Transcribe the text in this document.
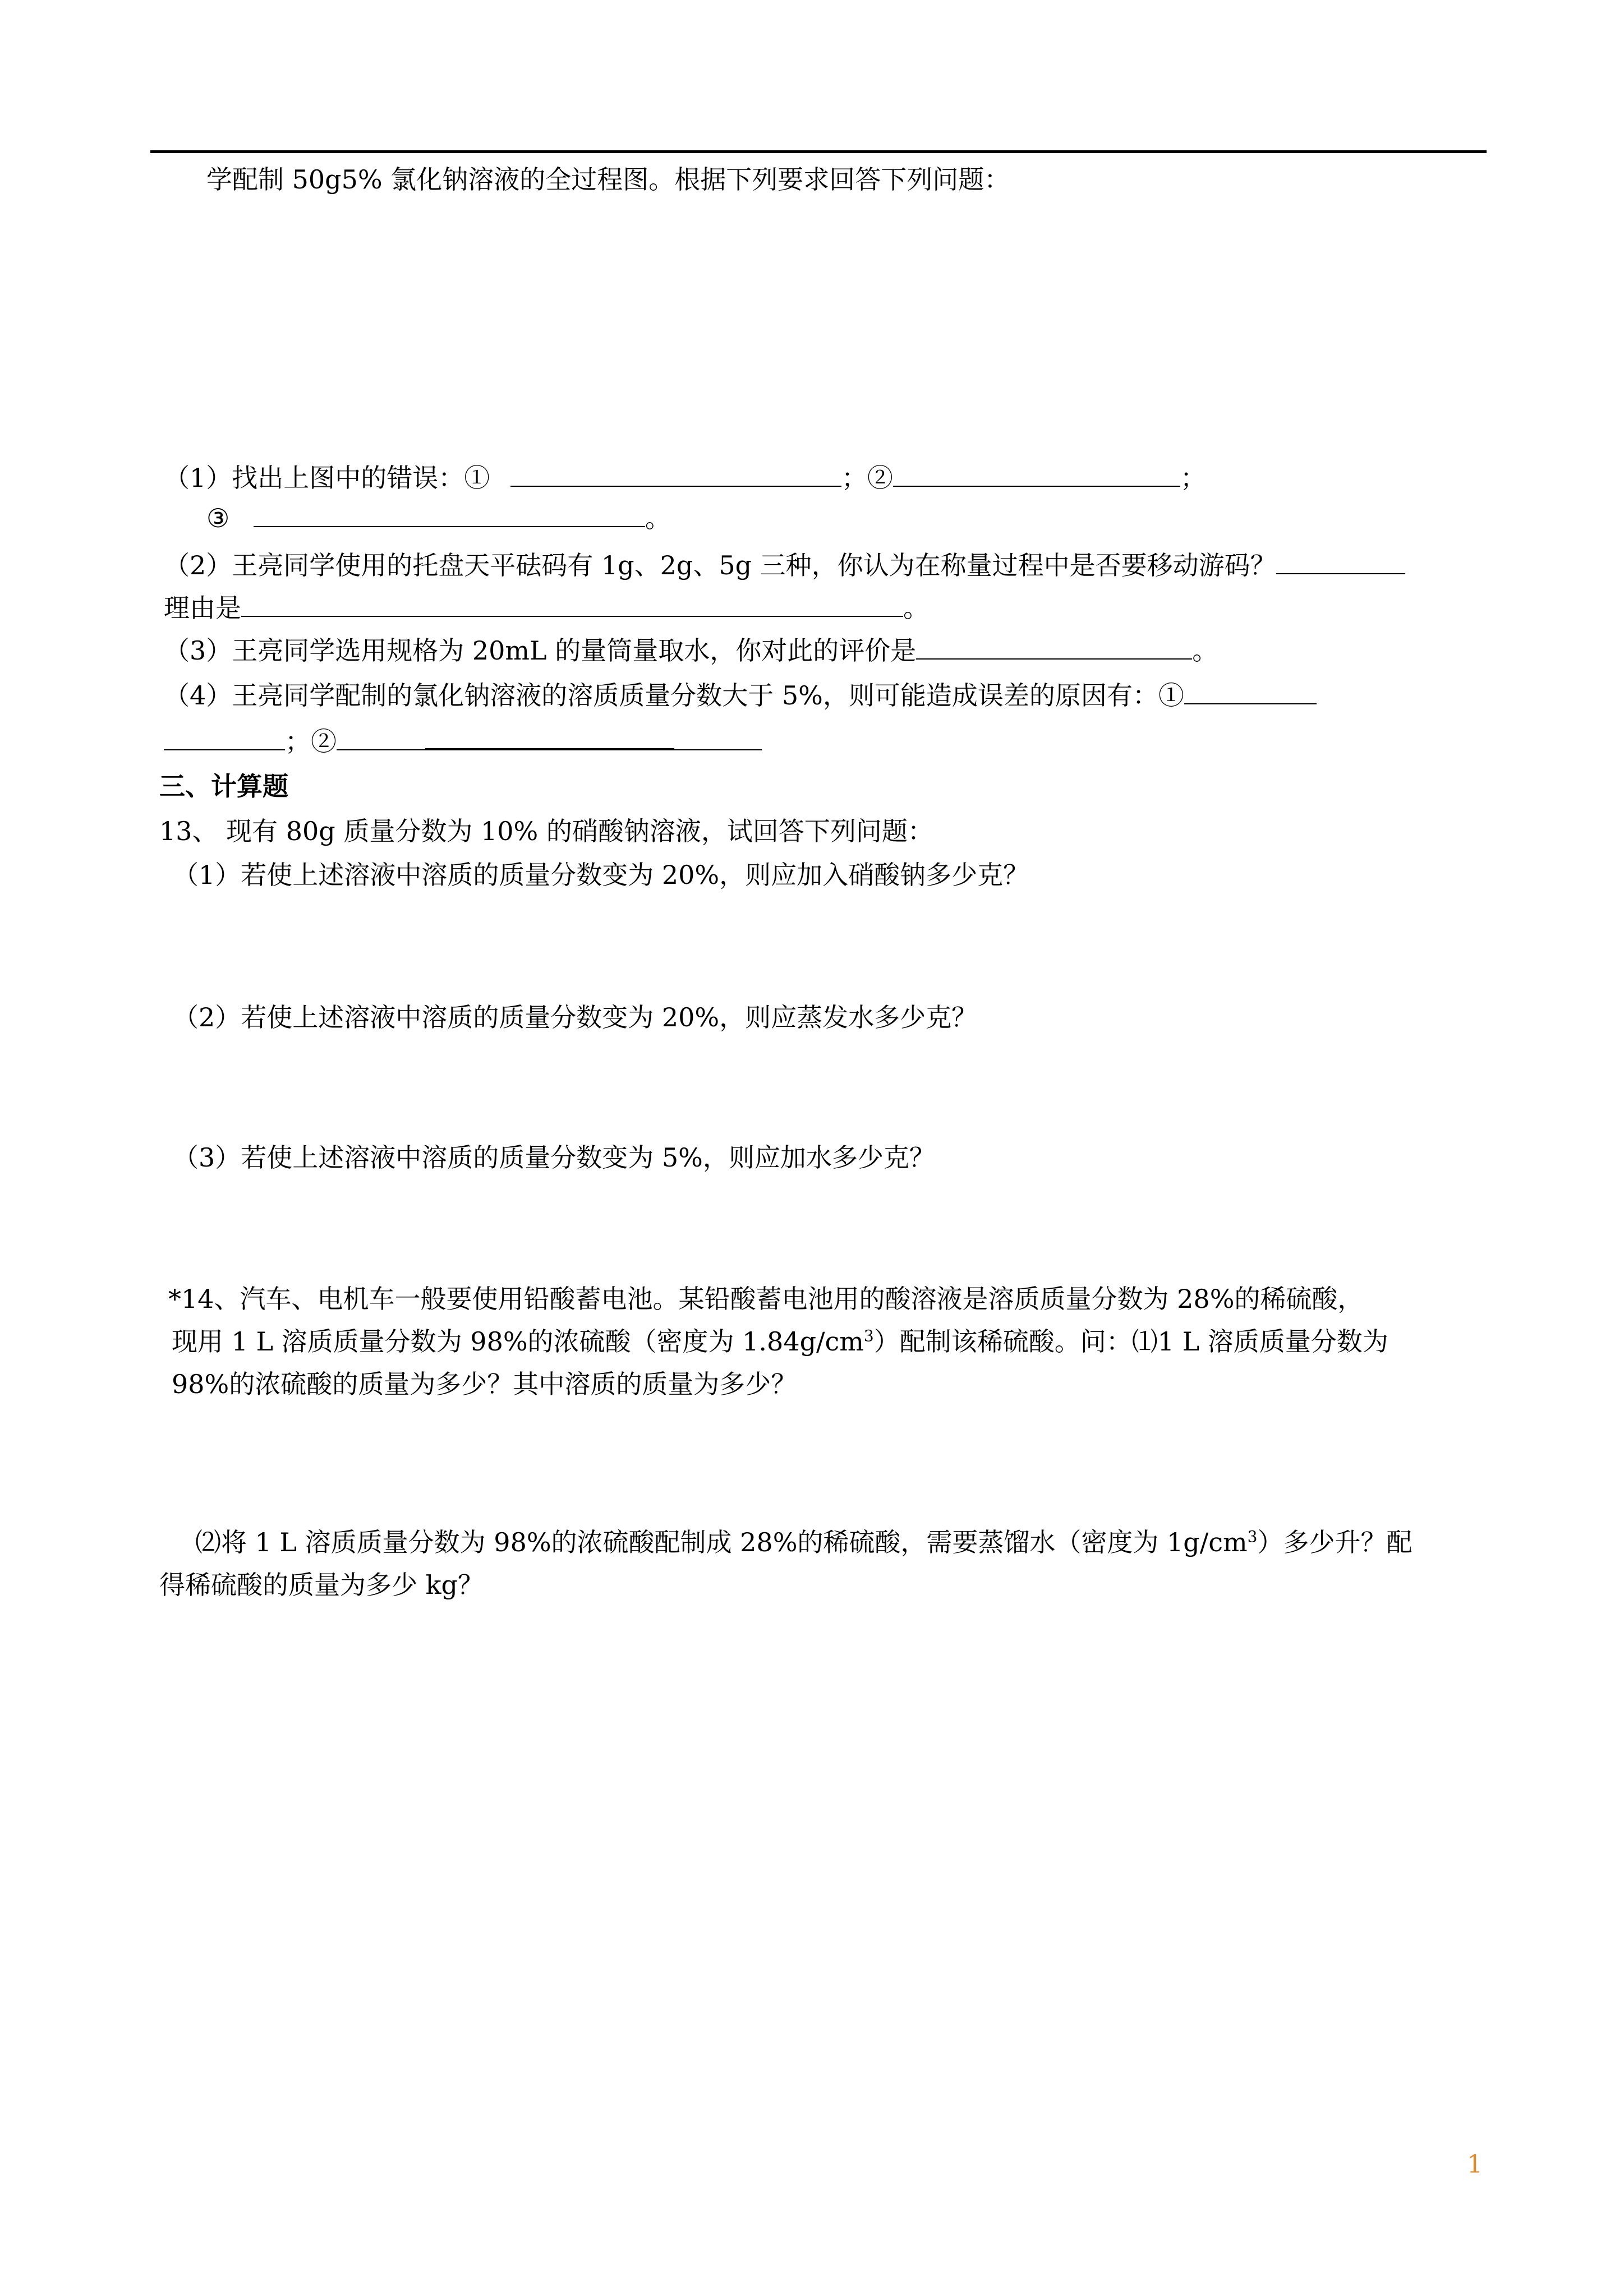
学配制 50g5% 氯化钠溶液的全过程图。根据下列要求回答下列问题：
（1）找出上图中的错误：①	；②	；
③	。
（2）王亮同学使用的托盘天平砝码有 1g、2g、5g 三种，你认为在称量过程中是否要移动游码？
理由是	。
（3）王亮同学选用规格为 20mL 的量筒量取水，你对此的评价是	。
（4）王亮同学配制的氯化钠溶液的溶质质量分数大于 5%，则可能造成误差的原因有：①
；②
三、计算题
13、 现有 80g 质量分数为 10% 的硝酸钠溶液，试回答下列问题：
（1）若使上述溶液中溶质的质量分数变为 20%，则应加入硝酸钠多少克？
（2）若使上述溶液中溶质的质量分数变为 20%，则应蒸发水多少克？
（3）若使上述溶液中溶质的质量分数变为 5%，则应加水多少克？
*14、汽车、电机车一般要使用铅酸蓄电池。某铅酸蓄电池用的酸溶液是溶质质量分数为 28%的稀硫酸，
现用 1 L 溶质质量分数为 98%的浓硫酸（密度为 $1.84g/cm^3$）配制该稀硫酸。问：⑴1 L 溶质质量分数为
98%的浓硫酸的质量为多少？其中溶质的质量为多少？
⑵将 1 L 溶质质量分数为 98%的浓硫酸配制成 28%的稀硫酸，需要蒸馏水（密度为 $1g/cm^3$）多少升？配
得稀硫酸的质量为多少 kg？
1
